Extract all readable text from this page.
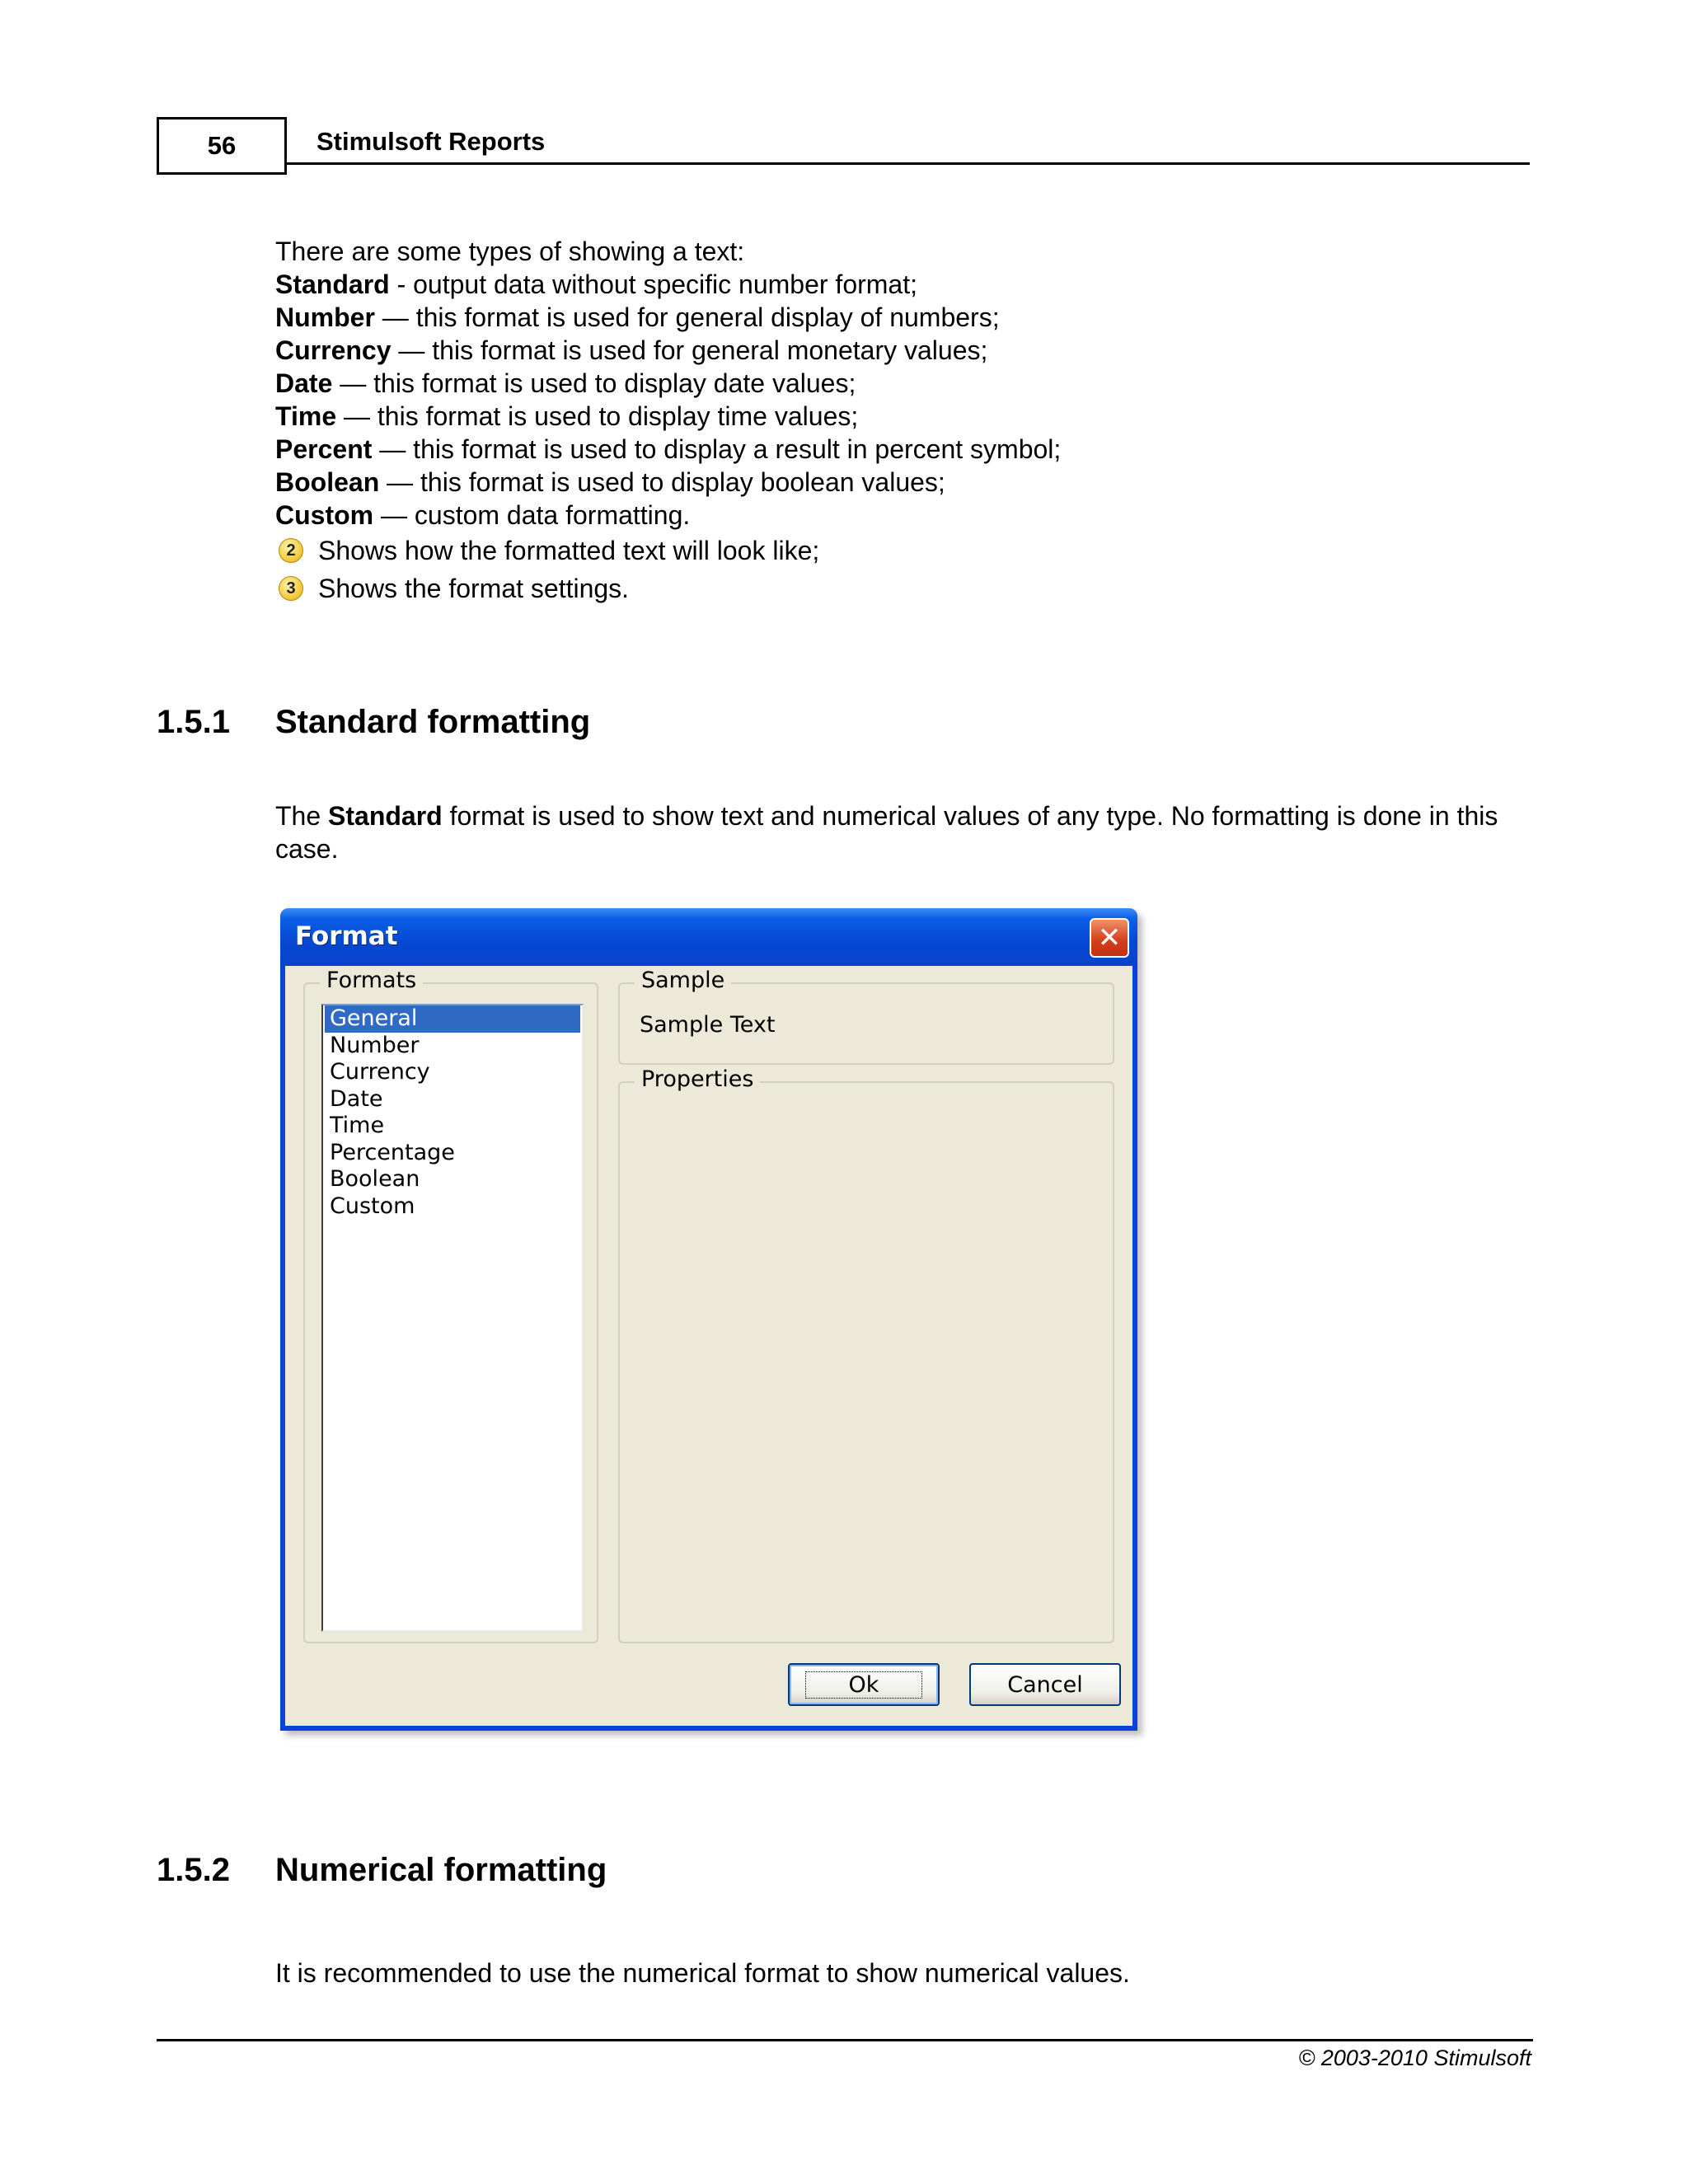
56	Stimulsoft Reports
There are some types of showing a text:
Standard - output data without specific number format;
Number — this format is used for general display of numbers;
Currency — this format is used for general monetary values;
Date — this format is used to display date values;
Time — this format is used to display time values;
Percent — this format is used to display a result in percent symbol;
Boolean — this format is used to display boolean values;
Custom — custom data formatting.
2 Shows how the formatted text will look like;
3 Shows the format settings.
1.5.1 Standard formatting
The Standard format is used to show text and numerical values of any type. No formatting is done in this case.
Format	✕
Formats
General
Number
Currency
Date
Time
Percentage
Boolean
Custom
Sample
Sample Text
Properties
Ok	Cancel
1.5.2 Numerical formatting
It is recommended to use the numerical format to show numerical values.
© 2003-2010 Stimulsoft
